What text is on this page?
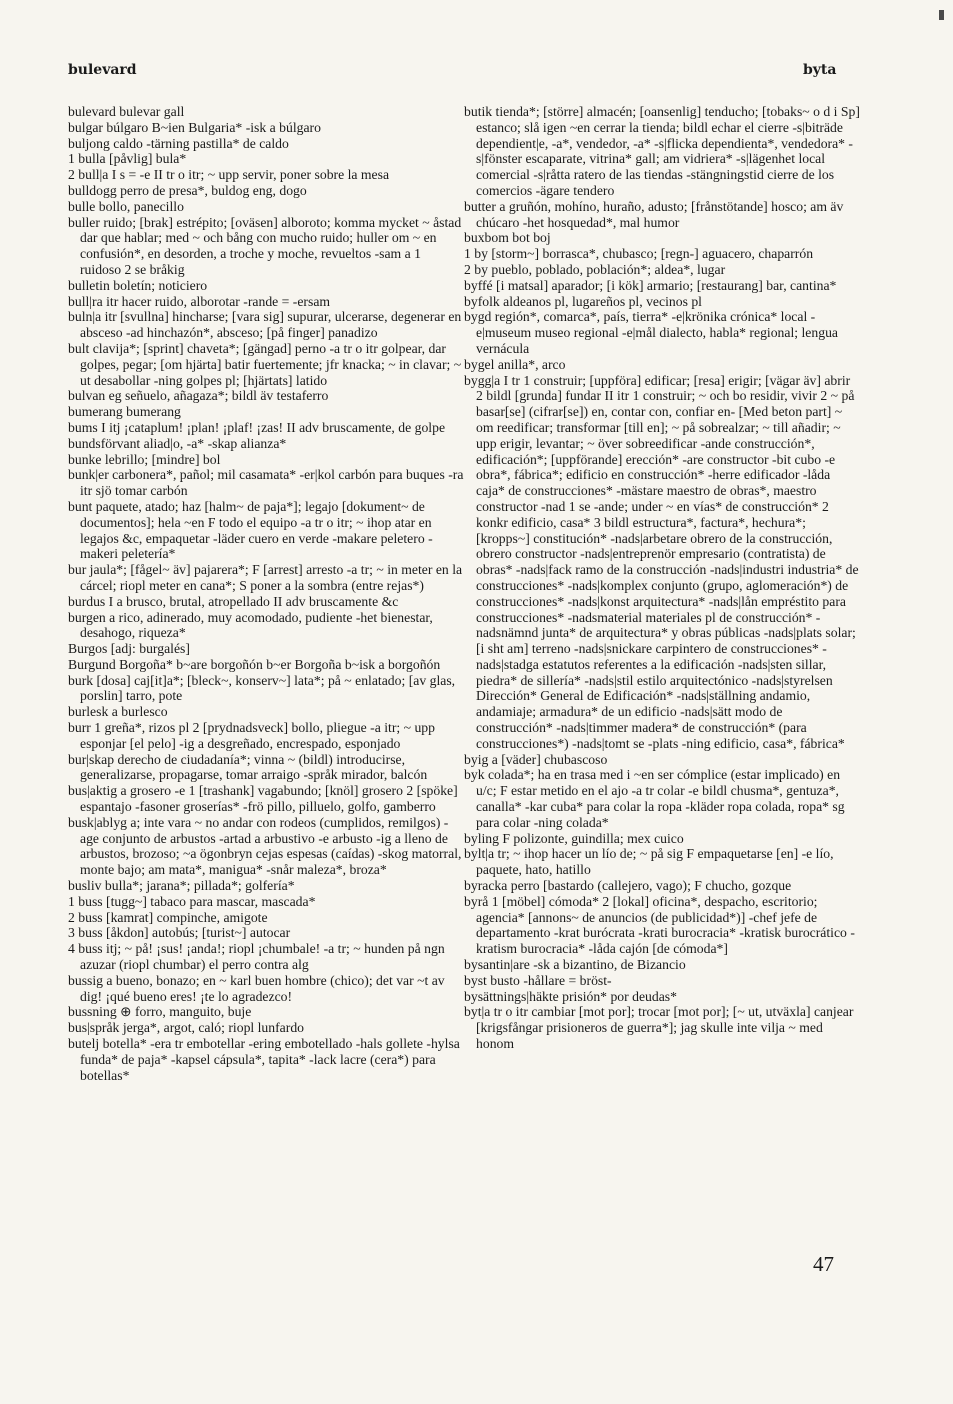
bulevard	byta

bulevard bulevar gall

bulgar búlgaro B~ien Bulgaria* -isk a búlgaro

buljong caldo -tärning pastilla* de caldo

1 bulla [påvlig] bula*

2 bull|a I s = -e II tr o itr; ~ upp servir, poner sobre la mesa

bulldogg perro de presa*, buldog eng, dogo

bulle bollo, panecillo

buller ruido; [brak] estrépito; [oväsen] alboroto; komma mycket ~ åstad dar que hablar; med ~ och bång con mucho ruido; huller om ~ en confusión*, en desorden, a troche y moche, revueltos -sam a 1 ruidoso 2 se bråkig

bulletin boletín; noticiero

bull|ra itr hacer ruido, alborotar -rande = -ersam

buln|a itr [svullna] hincharse; [vara sig] supurar, ulcerarse, degenerar en absceso -ad hinchazón*, absceso; [på finger] panadizo

bult clavija*; [sprint] chaveta*; [gängad] perno -a tr o itr golpear, dar golpes, pegar; [om hjärta] batir fuertemente; jfr knacka; ~ in clavar; ~ ut desabollar -ning golpes pl; [hjärtats] latido

bulvan eg señuelo, añagaza*; bildl äv testaferro

bumerang bumerang

bums I itj ¡cataplum! ¡plan! ¡plaf! ¡zas! II adv bruscamente, de golpe

bundsförvant aliad|o, -a* -skap alianza*

bunke lebrillo; [mindre] bol

bunk|er carbonera*, pañol; mil casamata* -er|kol carbón para buques -ra itr sjö tomar carbón

bunt paquete, atado; haz [halm~ de paja*]; legajo [dokument~ de documentos]; hela ~en F todo el equipo -a tr o itr; ~ ihop atar en legajos &c, empaquetar -läder cuero en verde -makare peletero -makeri peletería*

bur jaula*; [fågel~ äv] pajarera*; F [arrest] arresto -a tr; ~ in meter en la cárcel; riopl meter en cana*; S poner a la sombra (entre rejas*)

burdus I a brusco, brutal, atropellado II adv bruscamente &c

burgen a rico, adinerado, muy acomodado, pudiente -het bienestar, desahogo, riqueza*

Burgos [adj: burgalés]

Burgund Borgoña* b~are borgoñón b~er Borgoña b~isk a borgoñón

burk [dosa] caj[it]a*; [bleck~, konserv~] lata*; på ~ enlatado; [av glas, porslin] tarro, pote

burlesk a burlesco

burr 1 greña*, rizos pl 2 [prydnadsveck] bollo, pliegue -a itr; ~ upp esponjar [el pelo] -ig a desgreñado, encrespado, esponjado

bur|skap derecho de ciudadanía*; vinna ~ (bildl) introducirse, generalizarse, propagarse, tomar arraigo -språk mirador, balcón

bus|aktig a grosero -e 1 [trashank] vagabundo; [knöl] grosero 2 [spöke] espantajo -fasoner groserías* -frö pillo, pilluelo, golfo, gamberro

busk|ablyg a; inte vara ~ no andar con rodeos (cumplidos, remilgos) -age conjunto de arbustos -artad a arbustivo -e arbusto -ig a lleno de arbustos, brozoso; ~a ögonbryn cejas espesas (caídas) -skog matorral, monte bajo; am mata*, manigua* -snår maleza*, broza*

busliv bulla*; jarana*; pillada*; golfería*

1 buss [tugg~] tabaco para mascar, mascada*

2 buss [kamrat] compinche, amigote

3 buss [åkdon] autobús; [turist~] autocar

4 buss itj; ~ på! ¡sus! ¡anda!; riopl ¡chumbale! -a tr; ~ hunden på ngn azuzar (riopl chumbar) el perro contra alg

bussig a bueno, bonazo; en ~ karl buen hombre (chico); det var ~t av dig! ¡qué bueno eres! ¡te lo agradezco!

bussning ⊕ forro, manguito, buje

bus|språk jerga*, argot, caló; riopl lunfardo

butelj botella* -era tr embotellar -ering embotellado -hals gollete -hylsa funda* de paja* -kapsel cápsula*, tapita* -lack lacre (cera*) para botellas*

butik tienda*; [större] almacén; [oansenlig] tenducho; [tobaks~ o d i Sp] estanco; slå igen ~en cerrar la tienda; bildl echar el cierre -s|biträde dependient|e, -a*, vendedor, -a* -s|flicka dependienta*, vendedora* -s|fönster escaparate, vitrina* gall; am vidriera* -s|lägenhet local comercial -s|råtta ratero de las tiendas -stängningstid cierre de los comercios -ägare tendero

butter a gruñón, mohíno, huraño, adusto; [frånstötande] hosco; am äv chúcaro -het hosquedad*, mal humor

buxbom bot boj

1 by [storm~] borrasca*, chubasco; [regn-] aguacero, chaparrón

2 by pueblo, poblado, población*; aldea*, lugar

byffé [i matsal] aparador; [i kök] armario; [restaurang] bar, cantina*

byfolk aldeanos pl, lugareños pl, vecinos pl

bygd región*, comarca*, país, tierra* -e|krönika crónica* local -e|museum museo regional -e|mål dialecto, habla* regional; lengua vernácula

bygel anilla*, arco

bygg|a I tr 1 construir; [uppföra] edificar; [resa] erigir; [vägar äv] abrir 2 bildl [grunda] fundar II itr 1 construir; ~ och bo residir, vivir 2 ~ på basar[se] (cifrar[se]) en, contar con, confiar en- [Med beton part] ~ om reedificar; transformar [till en]; ~ på sobrealzar; ~ till añadir; ~ upp erigir, levantar; ~ över sobreedificar -ande construcción*, edificación*; [uppförande] erección* -are constructor -bit cubo -e obra*, fábrica*; edificio en construcción* -herre edificador -låda caja* de construcciones* -mästare maestro de obras*, maestro constructor -nad 1 se -ande; under ~ en vías* de construcción* 2 konkr edificio, casa* 3 bildl estructura*, factura*, hechura*; [kropps~] constitución* -nads|arbetare obrero de la construcción, obrero constructor -nads|entreprenör empresario (contratista) de obras* -nads|fack ramo de la construcción -nads|industri industria* de construcciones* -nads|komplex conjunto (grupo, aglomeración*) de construcciones* -nads|konst arquitectura* -nads|lån empréstito para construcciones* -nadsmaterial materiales pl de construcción* -nadsnämnd junta* de arquitectura* y obras públicas -nads|plats solar; [i sht am] terreno -nads|snickare carpintero de construcciones* -nads|stadga estatutos referentes a la edificación -nads|sten sillar, piedra* de sillería* -nads|stil estilo arquitectónico -nads|styrelsen Dirección* General de Edificación* -nads|ställning andamio, andamiaje; armadura* de un edificio -nads|sätt modo de construcción* -nads|timmer madera* de construcción* (para construcciones*) -nads|tomt se -plats -ning edificio, casa*, fábrica*

byig a [väder] chubascoso

byk colada*; ha en trasa med i ~en ser cómplice (estar implicado) en u/c; F estar metido en el ajo -a tr colar -e bildl chusma*, gentuza*, canalla* -kar cuba* para colar la ropa -kläder ropa colada, ropa* sg para colar -ning colada*

byling F polizonte, guindilla; mex cuico

bylt|a tr; ~ ihop hacer un lío de; ~ på sig F empaquetarse [en] -e lío, paquete, hato, hatillo

byracka perro [bastardo (callejero, vago); F chucho, gozque

byrå 1 [möbel] cómoda* 2 [lokal] oficina*, despacho, escritorio; agencia* [annons~ de anuncios (de publicidad*)] -chef jefe de departamento -krat burócrata -krati burocracia* -kratisk burocrático -kratism burocracia* -låda cajón [de cómoda*]

bysantin|are -sk a bizantino, de Bizancio

byst busto -hållare = bröst-

bysättnings|häkte prisión* por deudas*

byt|a tr o itr cambiar [mot por]; trocar [mot por]; [~ ut, utväxla] canjear [krigsfångar prisioneros de guerra*]; jag skulle inte vilja ~ med honom

47
